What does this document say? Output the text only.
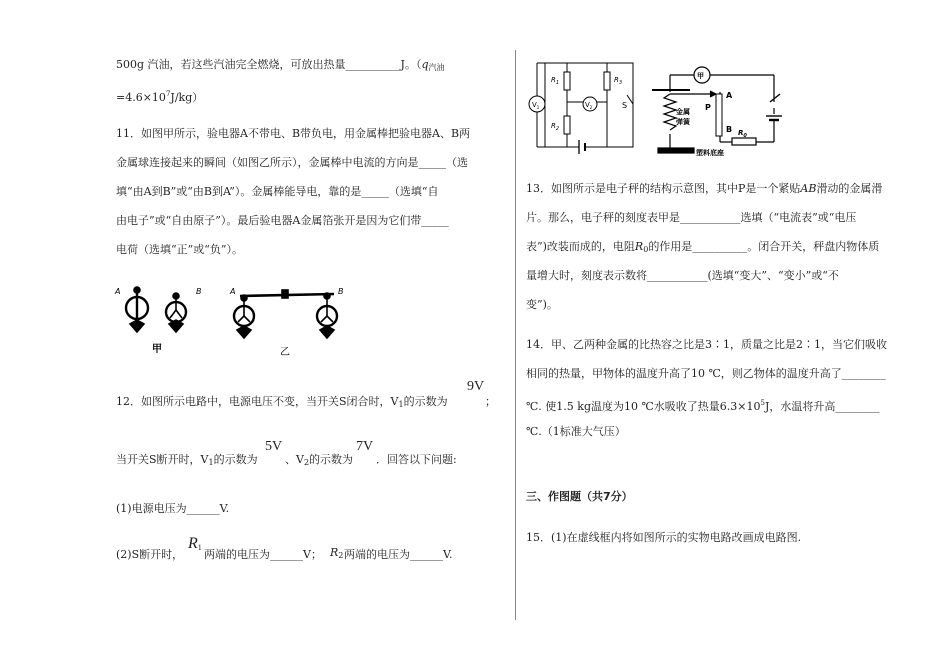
500g 汽油，若这些汽油完全燃烧，可放出热量__________J。（$q_{汽油}$
$=4.6\times 10^7J/kg$）
11．如图甲所示，验电器A不带电、B带负电，用金属棒把验电器A、B两
金属球连接起来的瞬间（如图乙所示），金属棒中电流的方向是_____（选
填“由A到B”或“由B到A”）。金属棒能导电，靠的是_____（选填“自
由电子”或“自由原子”）。最后验电器A金属箔张开是因为它们带_____
电荷（选填“正”或“负”）。
A	B
甲
A	B
乙
12．如图所示电路中，电源电压不变，当开关S闭合时，$V_1$的示数为
9V
；
当开关S断开时，$V_1$的示数为
5V
、$V_2$的示数为
7V
．回答以下问题:
(1)电源电压为______V.
(2)S断开时，
$R_1$
两端的电压为______V； $R_2$ 两端的电压为______V.
$R_1$
$R_2$
$R_3$
$V_1$	$V_2$	S
甲
P
A
B $R_0$
金属
弹簧
塑料底座
13．如图所示是电子秤的结构示意图，其中P是一个紧贴AB滑动的金属滑
片。那么，电子秤的刻度表甲是___________选填（“电流表”或“电压
表”)改装而成的，电阻$R_0$的作用是__________。闭合开关，秤盘内物体质
量增大时，刻度表示数将___________(选填“变大”、“变小”或“不
变”)。
14．甲、乙两种金属的比热容之比是3∶1，质量之比是2∶1，当它们吸收
相同的热量，甲物体的温度升高了10 ℃，则乙物体的温度升高了________
℃. 使1.5 kg温度为10 ℃水吸收了热量$6.3\times 10^5J$，水温将升高________
℃.（1标准大气压）
三、作图题（共7分）
15．(1)在虚线框内将如图所示的实物电路改画成电路图.
